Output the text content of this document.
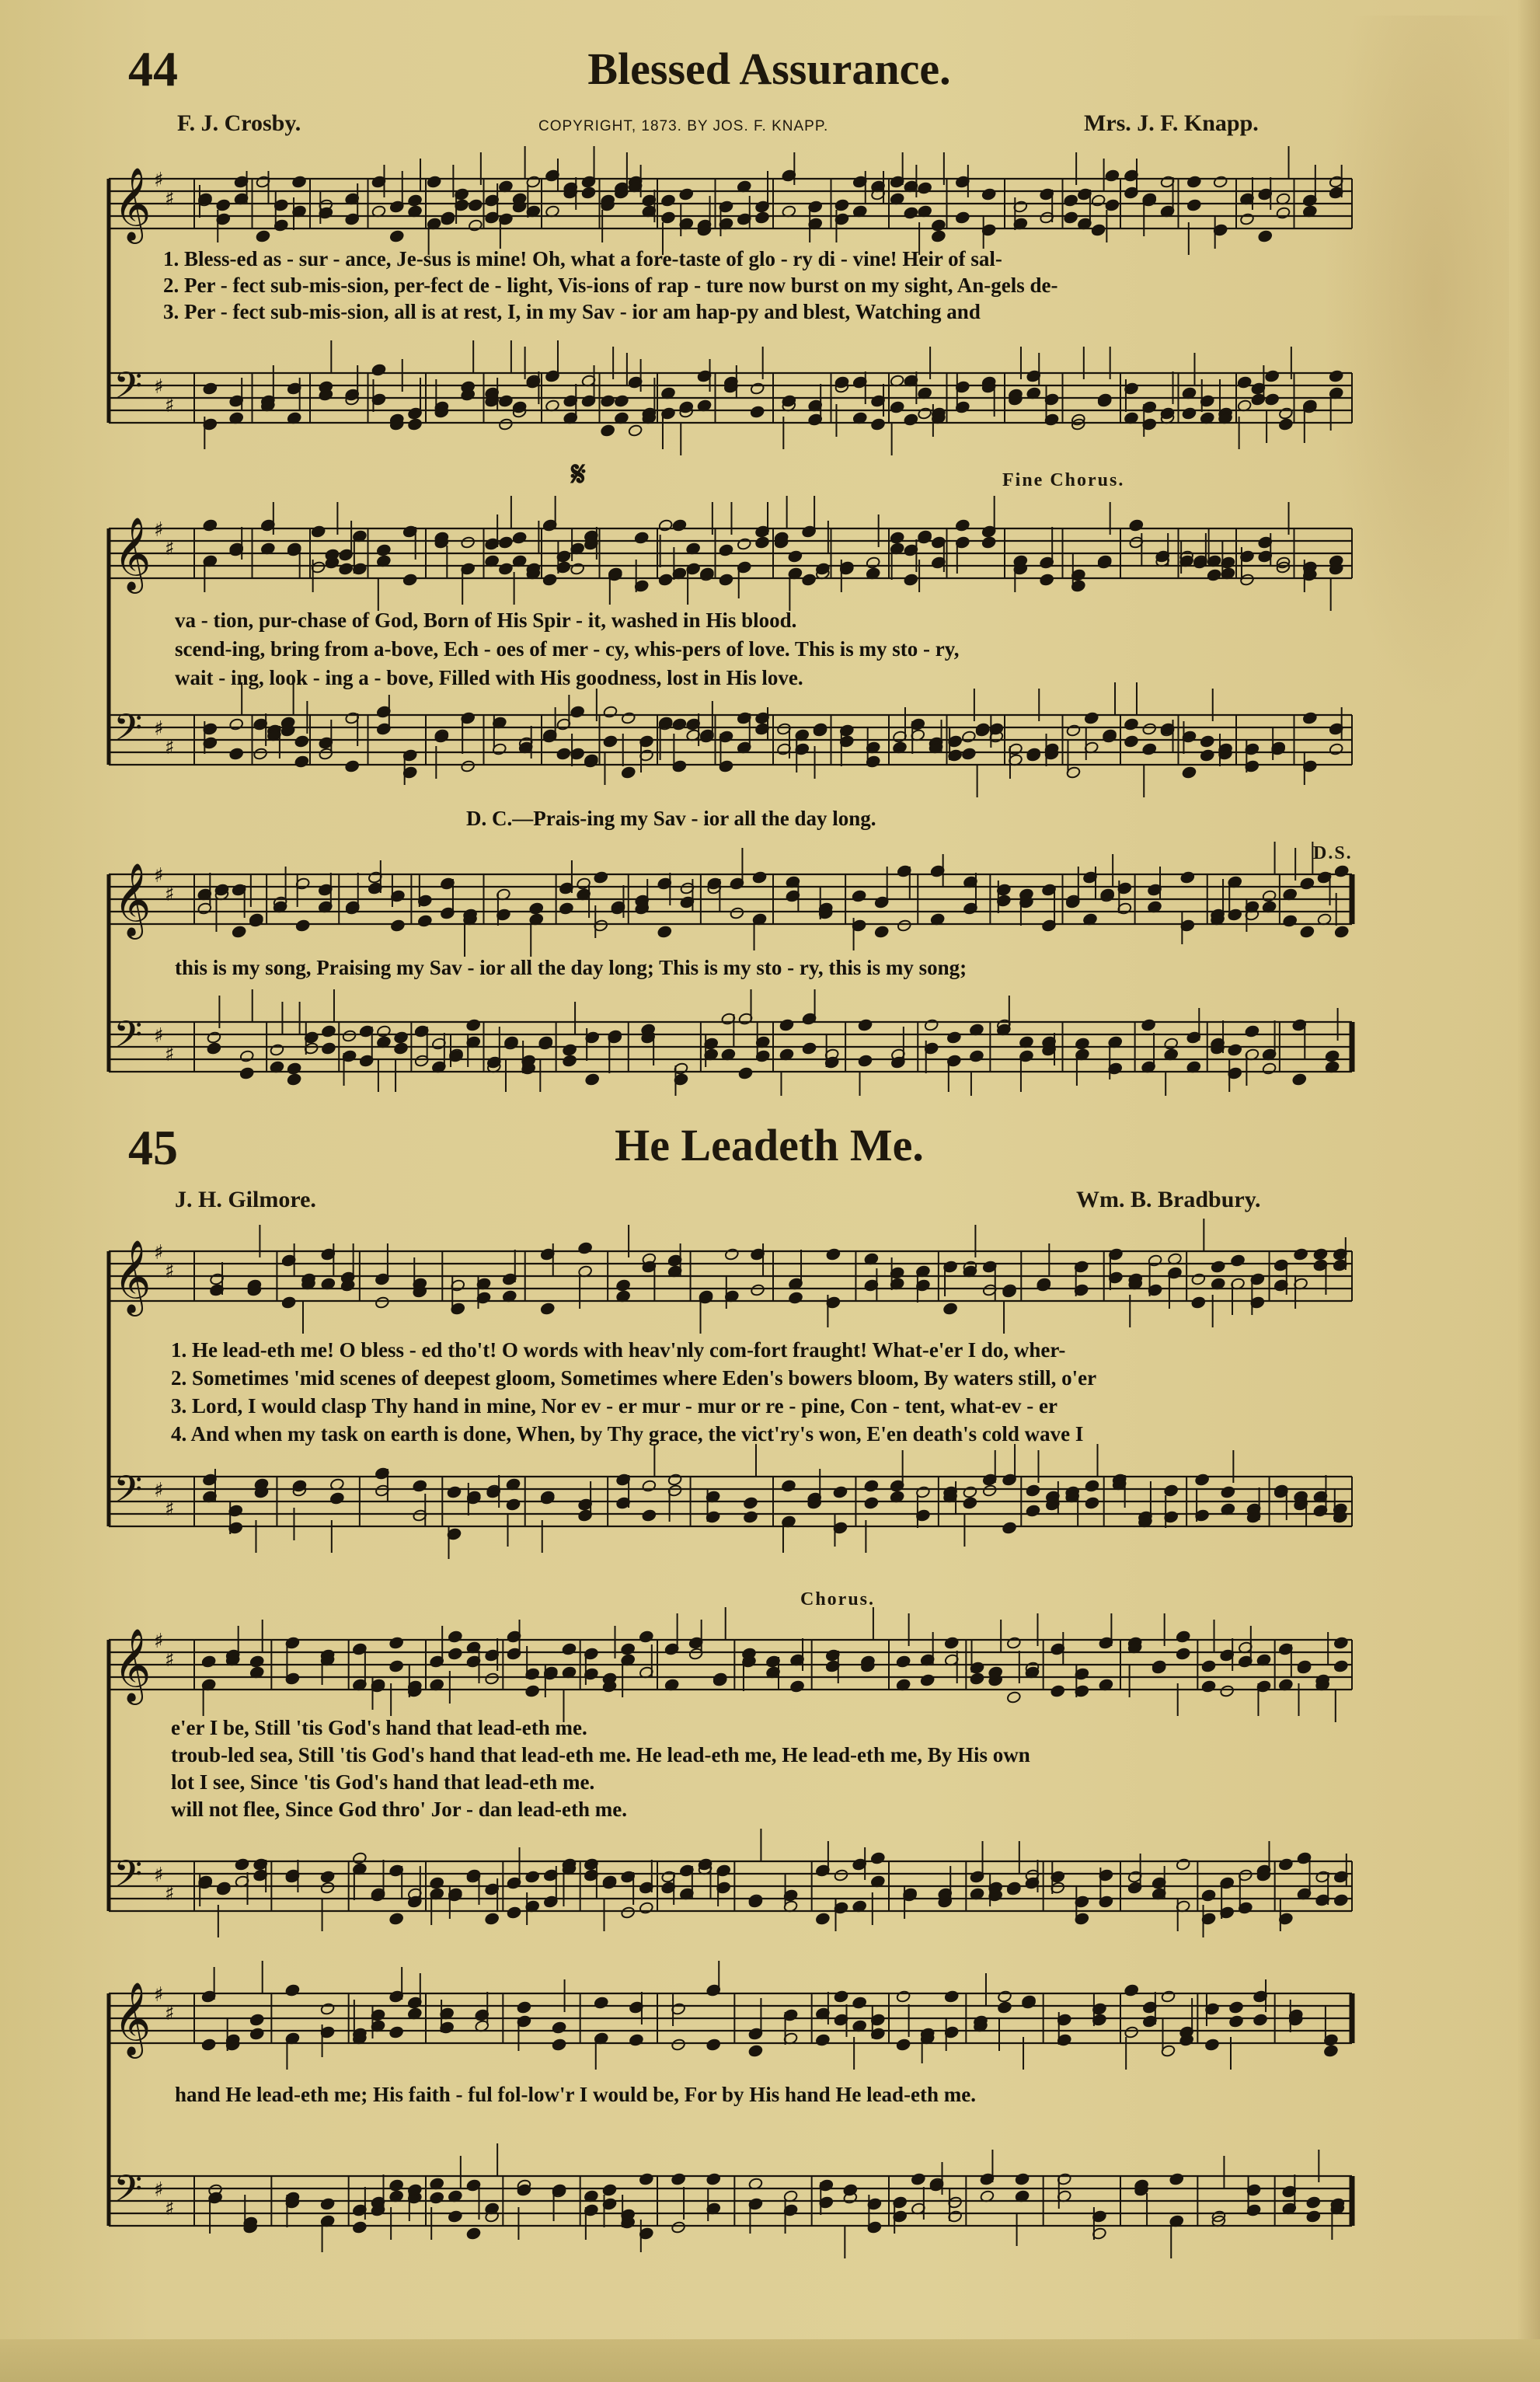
44	Blessed Assurance.
F. J. Crosby.	COPYRIGHT, 1873. BY JOS. F. KNAPP.	Mrs. J. F. Knapp.
𝄞 ♯
♯
𝄢 ♯
♯
1. Bless-ed as - sur - ance, Je-sus is mine! Oh, what a fore-taste of glo - ry di - vine! Heir of sal-
2. Per - fect sub-mis-sion, per-fect de - light, Vis-ions of rap - ture now burst on my sight, An-gels de-
3. Per - fect sub-mis-sion, all is at rest, I, in my Sav - ior am hap-py and blest, Watching and
𝄞 ♯
♯
𝄢 ♯
♯
𝄋	Fine Chorus.
va - tion, pur-chase of God, Born of His Spir - it, washed in His blood.
scend-ing, bring from a-bove, Ech - oes of mer - cy, whis-pers of love. This is my sto - ry,
wait - ing, look - ing a - bove, Filled with His goodness, lost in His love.
D. C.—Prais-ing my Sav - ior all the day long.
𝄞 ♯
♯
𝄢 ♯
♯
D.S.
this is my song, Praising my Sav - ior all the day long; This is my sto - ry, this is my song;
45	He Leadeth Me.
J. H. Gilmore.	Wm. B. Bradbury.
𝄞 ♯
♯
𝄢 ♯
♯
1. He lead-eth me! O bless - ed tho't! O words with heav'nly com-fort fraught! What-e'er I do, wher-
2. Sometimes 'mid scenes of deepest gloom, Sometimes where Eden's bowers bloom, By waters still, o'er
3. Lord, I would clasp Thy hand in mine, Nor ev - er mur - mur or re - pine, Con - tent, what-ev - er
4. And when my task on earth is done, When, by Thy grace, the vict'ry's won, E'en death's cold wave I
𝄞 ♯
♯
𝄢 ♯
♯
Chorus.
e'er I be, Still 'tis God's hand that lead-eth me.
troub-led sea, Still 'tis God's hand that lead-eth me. He lead-eth me, He lead-eth me, By His own
lot I see, Since 'tis God's hand that lead-eth me.
will not flee, Since God thro' Jor - dan lead-eth me.
𝄞 ♯
♯
𝄢 ♯
♯
hand He lead-eth me; His faith - ful fol-low'r I would be, For by His hand He lead-eth me.
